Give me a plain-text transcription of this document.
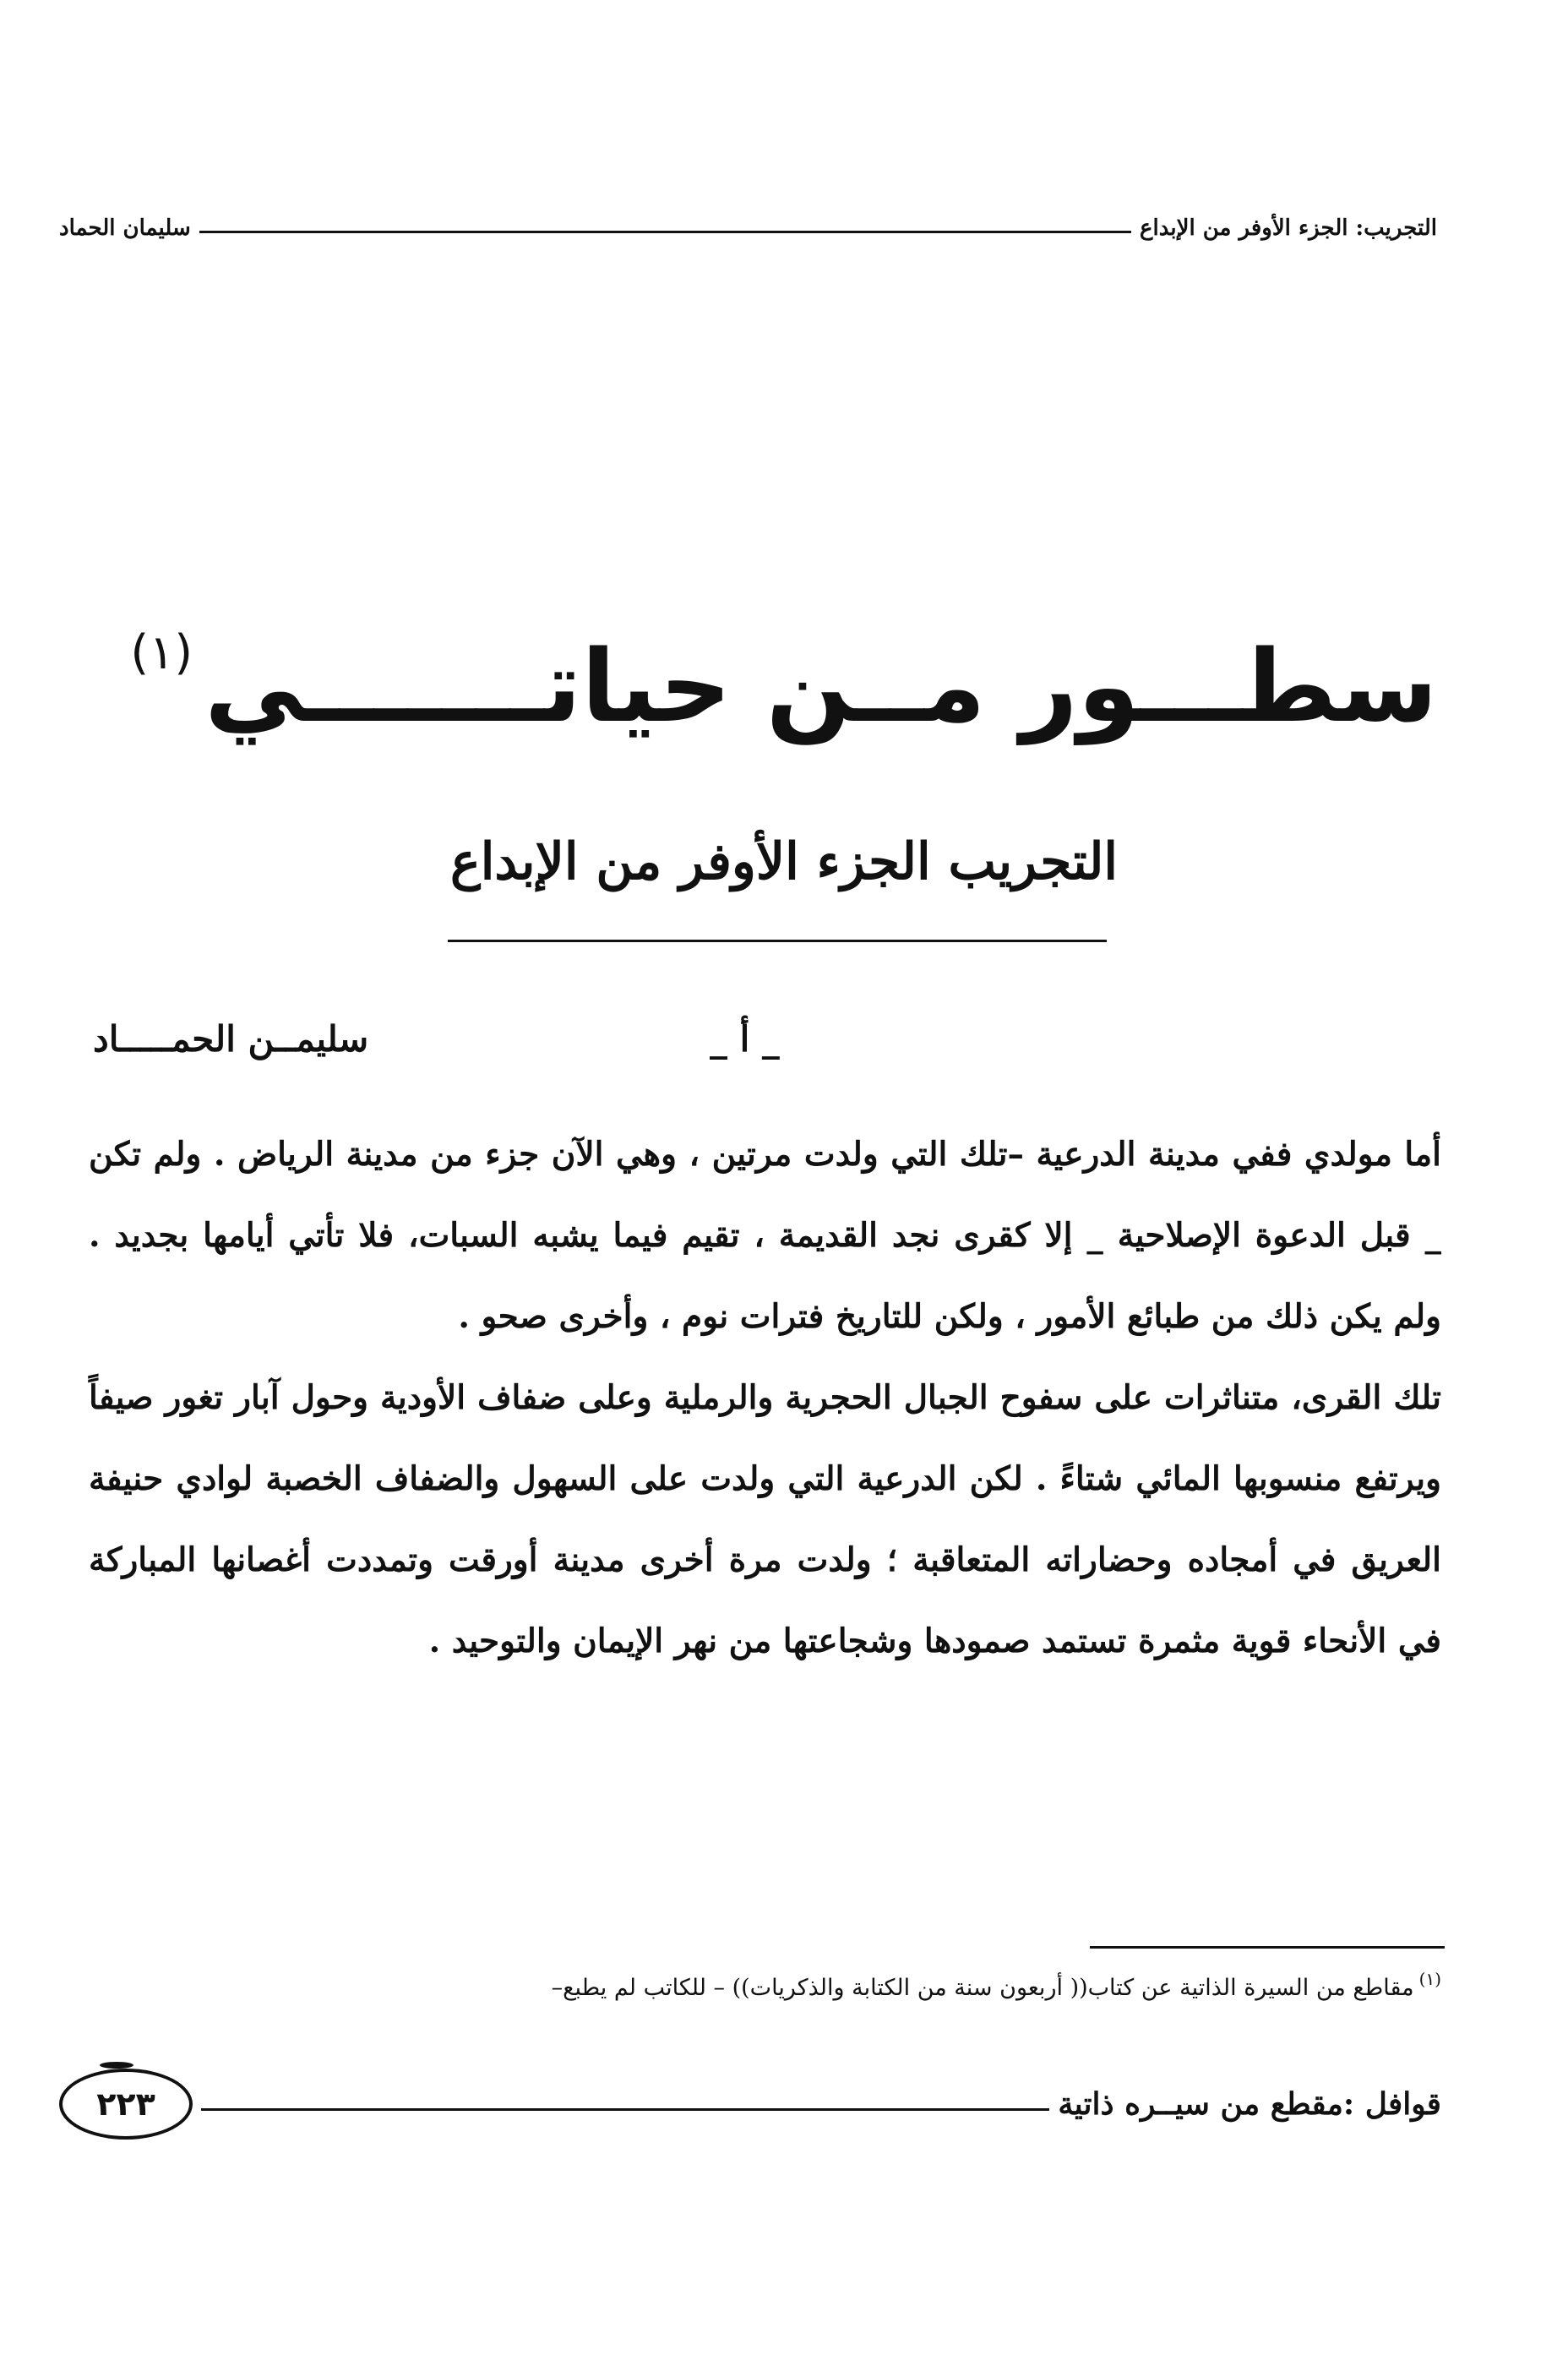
التجريب: الجزء الأوفر من الإبداع
سليمان الحماد
سطـــور مــن حياتـــــــي$^{(١)}$
التجريب الجزء الأوفر من الإبداع
_ أ _
سليمــن الحمـــــاد

أما مولدي ففي مدينة الدرعية –تلك التي ولدت مرتين ، وهي الآن جزء من مدينة الرياض . ولم تكن _ قبل الدعوة الإصلاحية _ إلا كقرى نجد القديمة ، تقيم فيما يشبه السبات، فلا تأتي أيامها بجديد . ولم يكن ذلك من طبائع الأمور ، ولكن للتاريخ فترات نوم ، وأخرى صحو .

تلك القرى، متناثرات على سفوح الجبال الحجرية والرملية وعلى ضفاف الأودية وحول آبار تغور صيفاً ويرتفع منسوبها المائي شتاءً . لكن الدرعية التي ولدت على السهول والضفاف الخصبة لوادي حنيفة العريق في أمجاده وحضاراته المتعاقبة ؛ ولدت مرة أخرى مدينة أورقت وتمددت أغصانها المباركة في الأنحاء قوية مثمرة تستمد صمودها وشجاعتها من نهر الإيمان والتوحيد .

$^{(١)}$مقاطع من السيرة الذاتية عن كتاب(( أربعون سنة من الكتابة والذكريات)) – للكاتب لم يطبع–
قوافل :مقطع من سيــره ذاتية
٢٢٣
